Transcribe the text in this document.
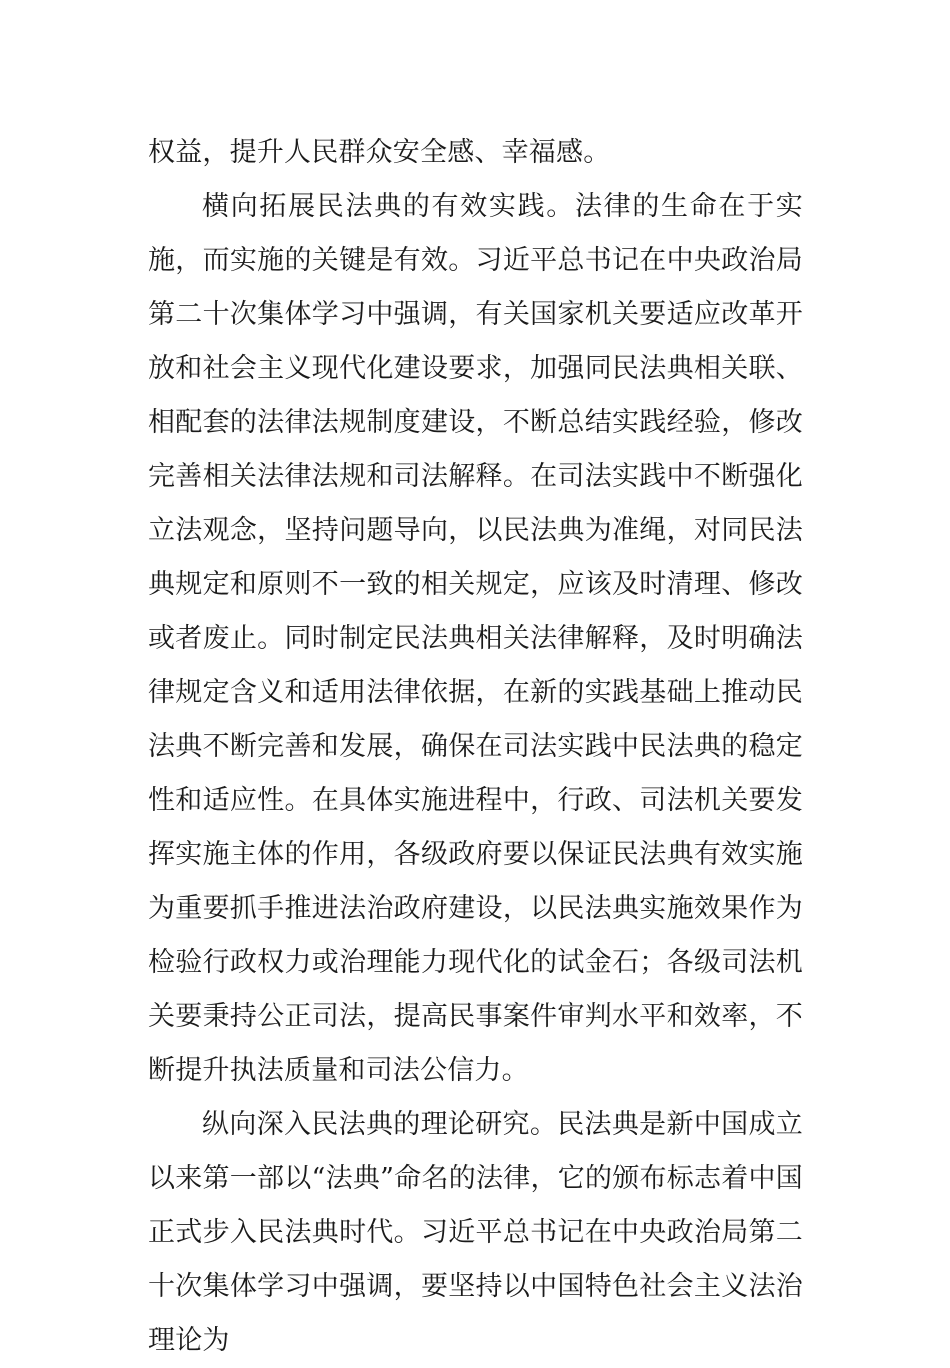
权益，提升人民群众安全感、幸福感。

横向拓展民法典的有效实践。法律的生命在于实施，而实施的关键是有效。习近平总书记在中央政治局第二十次集体学习中强调，有关国家机关要适应改革开放和社会主义现代化建设要求，加强同民法典相关联、相配套的法律法规制度建设，不断总结实践经验，修改完善相关法律法规和司法解释。在司法实践中不断强化立法观念，坚持问题导向，以民法典为准绳，对同民法典规定和原则不一致的相关规定，应该及时清理、修改或者废止。同时制定民法典相关法律解释，及时明确法律规定含义和适用法律依据，在新的实践基础上推动民法典不断完善和发展，确保在司法实践中民法典的稳定性和适应性。在具体实施进程中，行政、司法机关要发挥实施主体的作用，各级政府要以保证民法典有效实施为重要抓手推进法治政府建设，以民法典实施效果作为检验行政权力或治理能力现代化的试金石；各级司法机关要秉持公正司法，提高民事案件审判水平和效率，不断提升执法质量和司法公信力。

纵向深入民法典的理论研究。民法典是新中国成立以来第一部以“法典”命名的法律，它的颁布标志着中国正式步入民法典时代。习近平总书记在中央政治局第二十次集体学习中强调，要坚持以中国特色社会主义法治理论为
